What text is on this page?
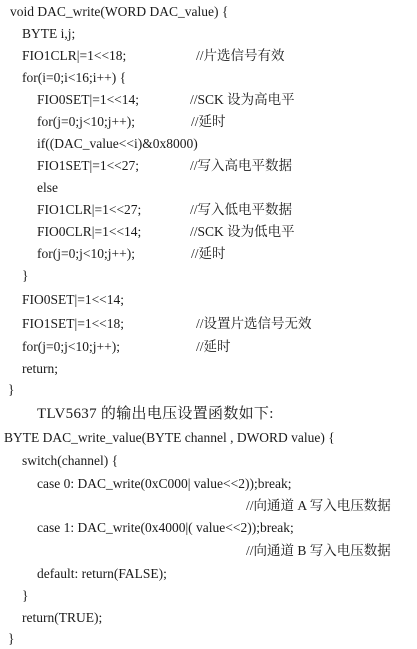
void DAC_write(WORD DAC_value) {
BYTE i,j;
FIO1CLR|=1<<18;	//片选信号有效
for(i=0;i<16;i++) {
FIO0SET|=1<<14;	//SCK 设为高电平
for(j=0;j<10;j++);	//延时
if((DAC_value<<i)&0x8000)
FIO1SET|=1<<27;	//写入高电平数据
else
FIO1CLR|=1<<27;	//写入低电平数据
FIO0CLR|=1<<14;	//SCK 设为低电平
for(j=0;j<10;j++);	//延时
}
FIO0SET|=1<<14;
FIO1SET|=1<<18;	//设置片选信号无效
for(j=0;j<10;j++);	//延时
return;
}
TLV5637 的输出电压设置函数如下:
BYTE DAC_write_value(BYTE channel , DWORD value) {
switch(channel) {
case 0: DAC_write(0xC000| value<<2));break;
//向通道 A 写入电压数据
case 1: DAC_write(0x4000|( value<<2));break;
//向通道 B 写入电压数据
default: return(FALSE);
}
return(TRUE);
}
